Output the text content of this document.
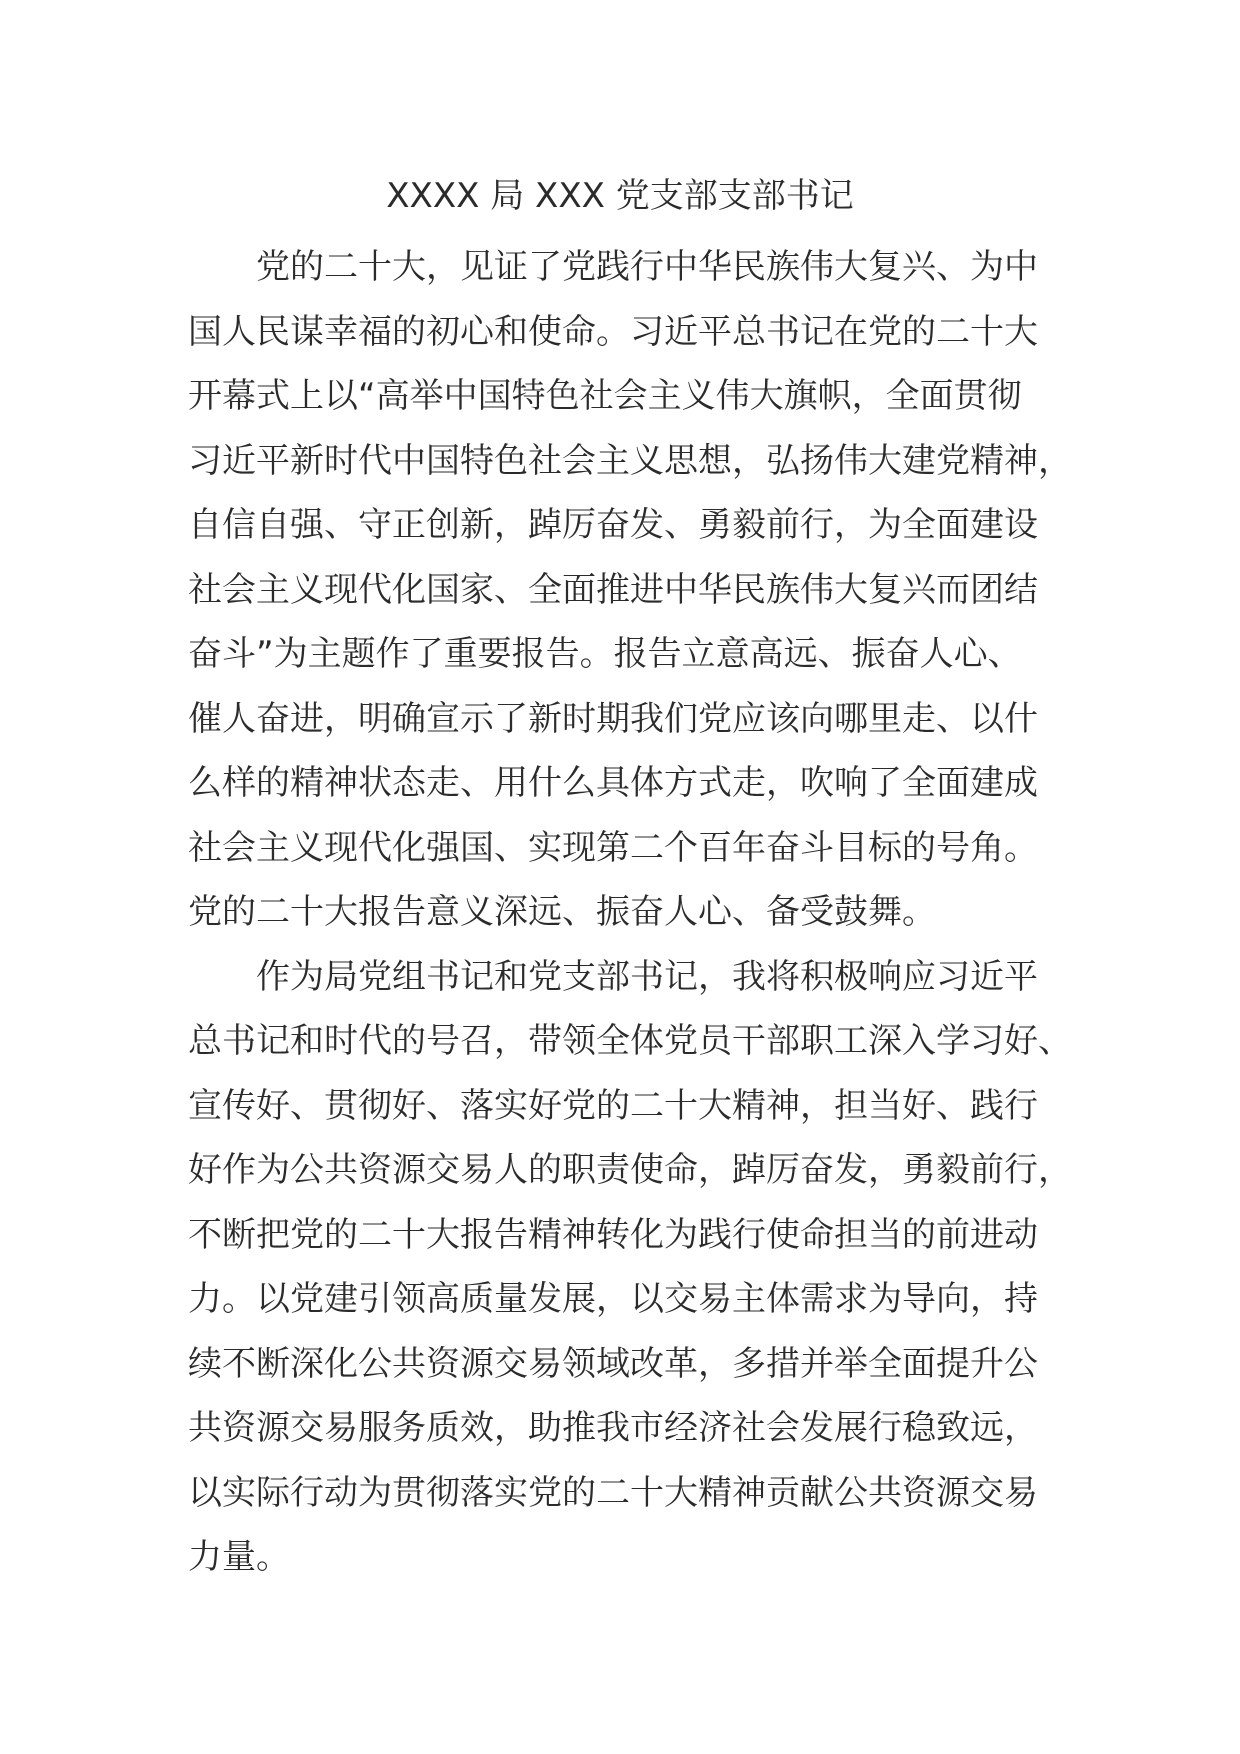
XXXX 局 XXX 党支部支部书记
党的二十大，见证了党践行中华民族伟大复兴、为中
国人民谋幸福的初心和使命。习近平总书记在党的二十大
开幕式上以“高举中国特色社会主义伟大旗帜，全面贯彻
习近平新时代中国特色社会主义思想，弘扬伟大建党精神，
自信自强、守正创新，踔厉奋发、勇毅前行，为全面建设
社会主义现代化国家、全面推进中华民族伟大复兴而团结
奋斗”为主题作了重要报告。报告立意高远、振奋人心、
催人奋进，明确宣示了新时期我们党应该向哪里走、以什
么样的精神状态走、用什么具体方式走，吹响了全面建成
社会主义现代化强国、实现第二个百年奋斗目标的号角。
党的二十大报告意义深远、振奋人心、备受鼓舞。
作为局党组书记和党支部书记，我将积极响应习近平
总书记和时代的号召，带领全体党员干部职工深入学习好、
宣传好、贯彻好、落实好党的二十大精神，担当好、践行
好作为公共资源交易人的职责使命，踔厉奋发，勇毅前行，
不断把党的二十大报告精神转化为践行使命担当的前进动
力。以党建引领高质量发展，以交易主体需求为导向，持
续不断深化公共资源交易领域改革，多措并举全面提升公
共资源交易服务质效，助推我市经济社会发展行稳致远，
以实际行动为贯彻落实党的二十大精神贡献公共资源交易
力量。
